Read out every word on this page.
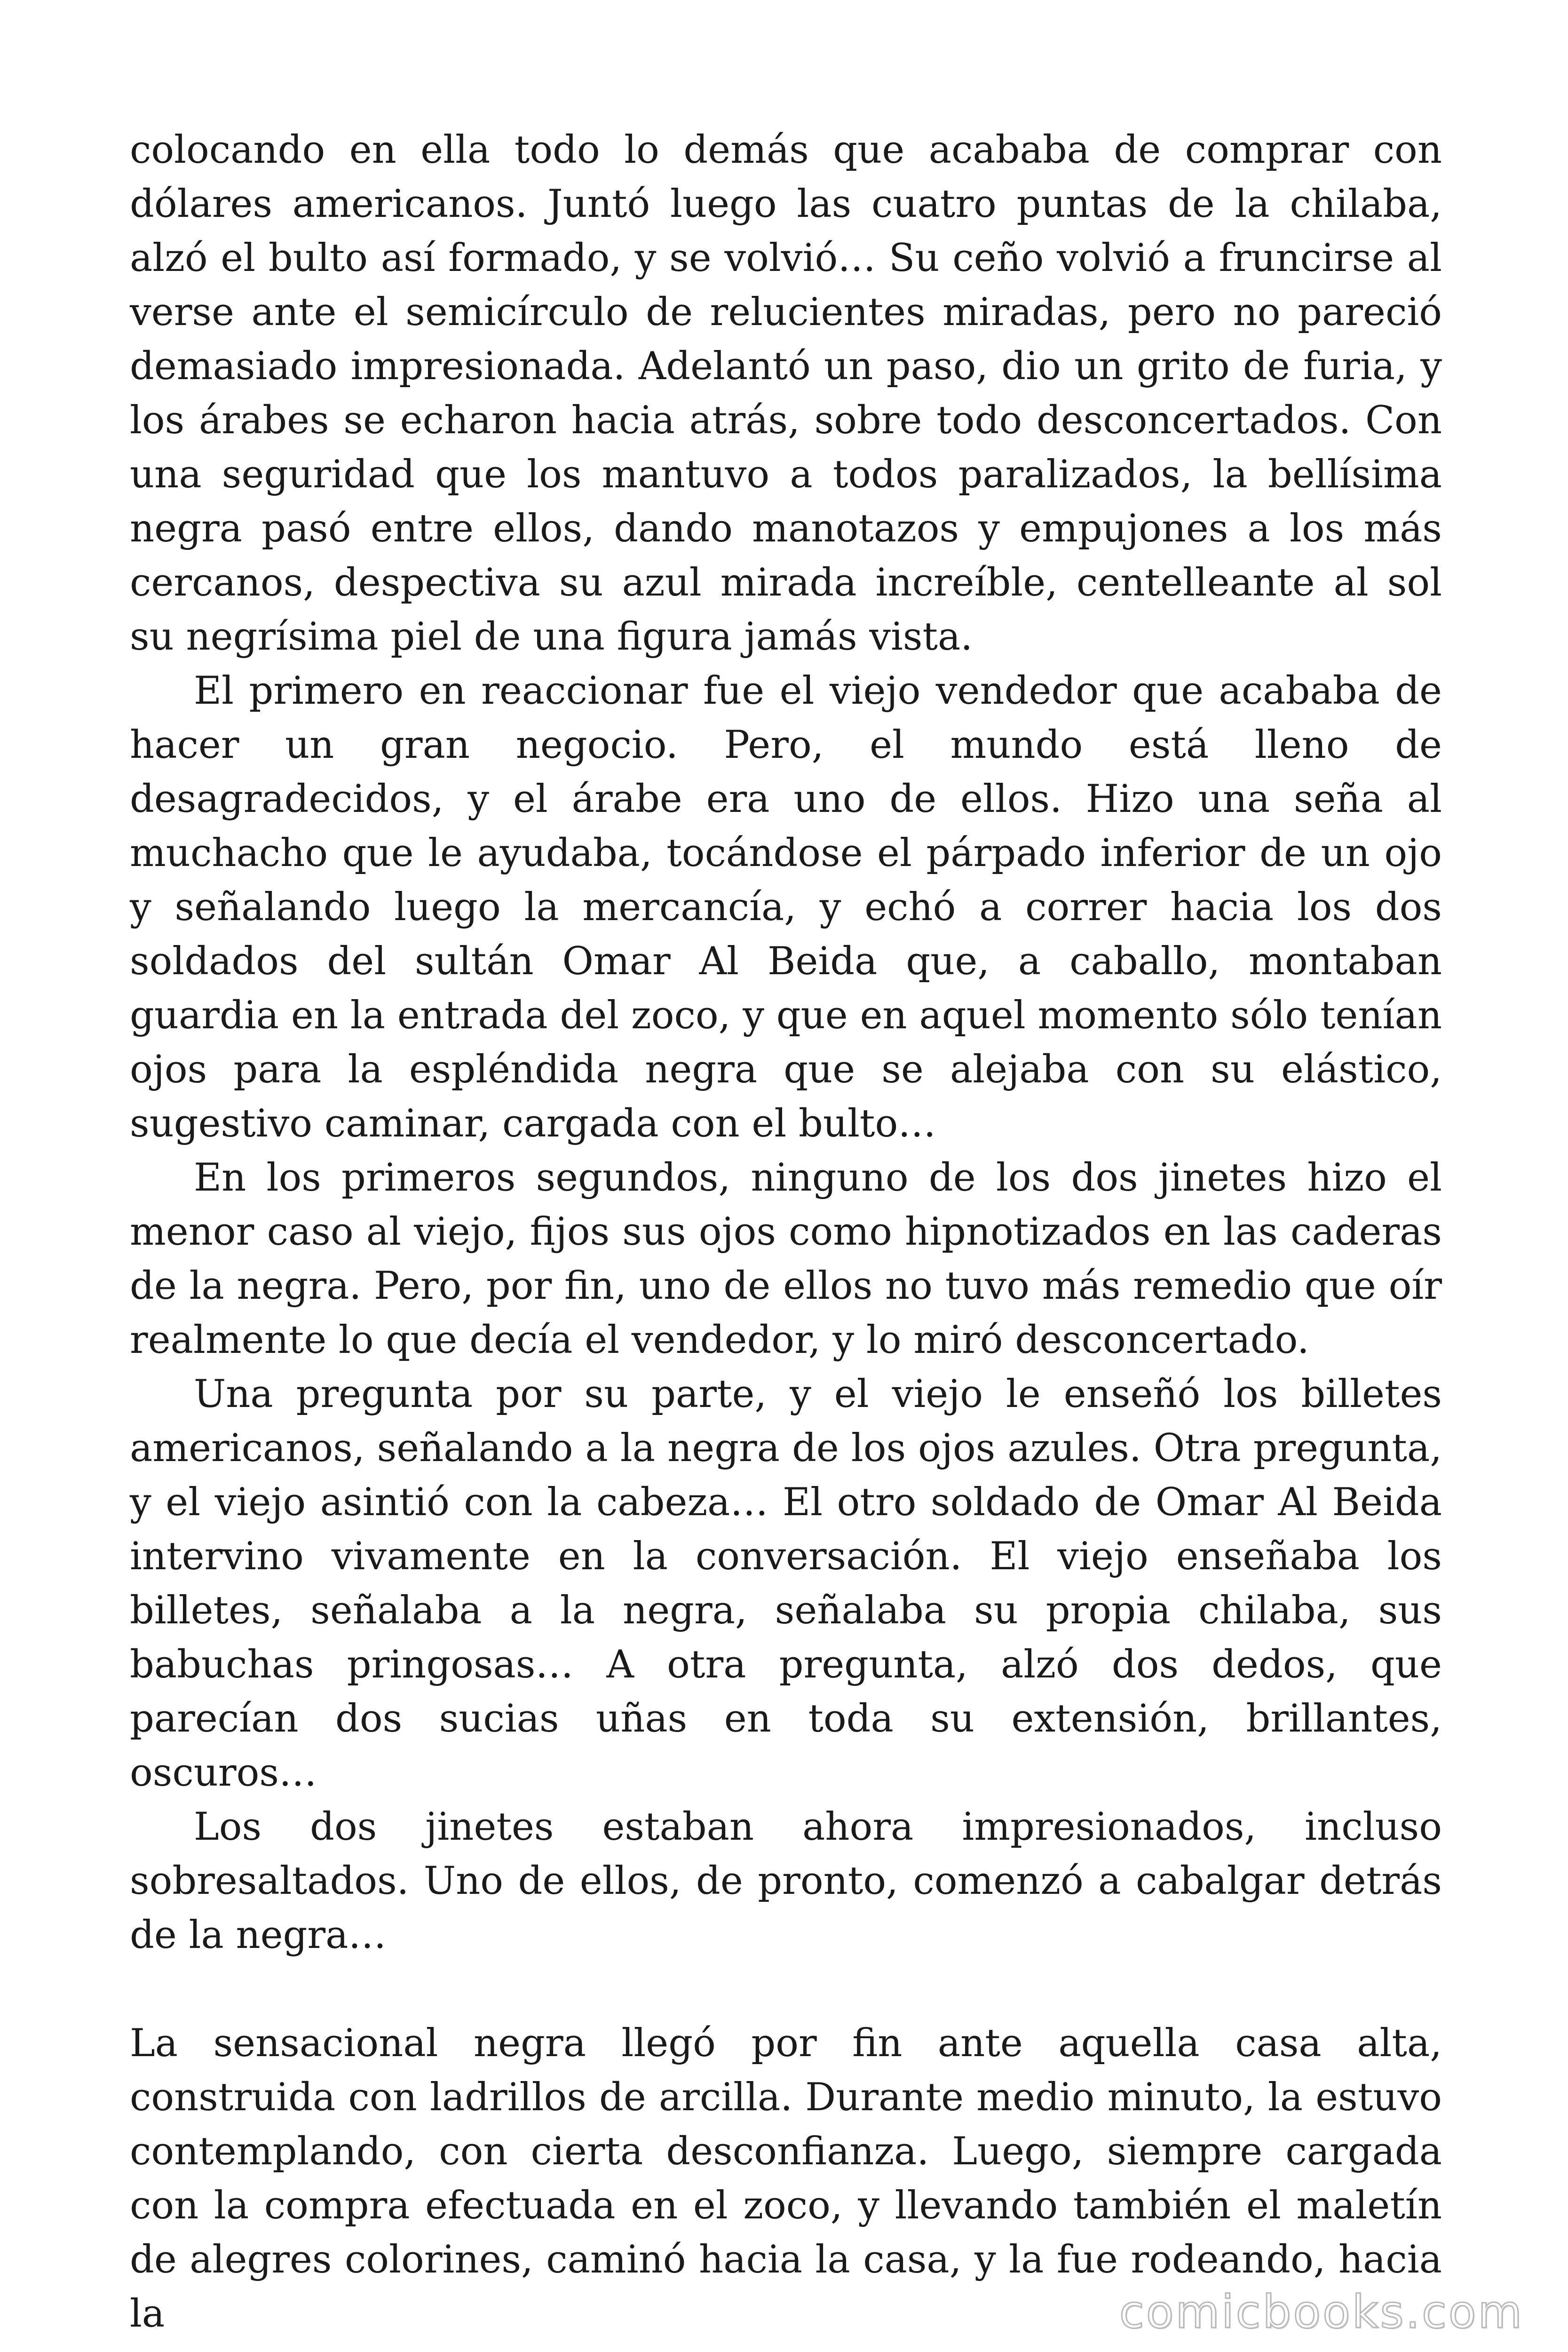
colocando en ella todo lo demás que acababa de comprar con dólares americanos. Juntó luego las cuatro puntas de la chilaba, alzó el bulto así formado, y se volvió… Su ceño volvió a fruncirse al verse ante el semicírculo de relucientes miradas, pero no pareció demasiado impresionada. Adelantó un paso, dio un grito de furia, y los árabes se echaron hacia atrás, sobre todo desconcertados. Con una seguridad que los mantuvo a todos paralizados, la bellísima negra pasó entre ellos, dando manotazos y empujones a los más cercanos, despectiva su azul mirada increíble, centelleante al sol su negrísima piel de una figura jamás vista.

El primero en reaccionar fue el viejo vendedor que acababa de hacer un gran negocio. Pero, el mundo está lleno de desagradecidos, y el árabe era uno de ellos. Hizo una seña al muchacho que le ayudaba, tocándose el párpado inferior de un ojo y señalando luego la mercancía, y echó a correr hacia los dos soldados del sultán Omar Al Beida que, a caballo, montaban guardia en la entrada del zoco, y que en aquel momento sólo tenían ojos para la espléndida negra que se alejaba con su elástico, sugestivo caminar, cargada con el bulto…

En los primeros segundos, ninguno de los dos jinetes hizo el menor caso al viejo, fijos sus ojos como hipnotizados en las caderas de la negra. Pero, por fin, uno de ellos no tuvo más remedio que oír realmente lo que decía el vendedor, y lo miró desconcertado.

Una pregunta por su parte, y el viejo le enseñó los billetes americanos, señalando a la negra de los ojos azules. Otra pregunta, y el viejo asintió con la cabeza… El otro soldado de Omar Al Beida intervino vivamente en la conversación. El viejo enseñaba los billetes, señalaba a la negra, señalaba su propia chilaba, sus babuchas pringosas… A otra pregunta, alzó dos dedos, que parecían dos sucias uñas en toda su extensión, brillantes, oscuros…

Los dos jinetes estaban ahora impresionados, incluso sobresaltados. Uno de ellos, de pronto, comenzó a cabalgar detrás de la negra…

La sensacional negra llegó por fin ante aquella casa alta, construida con ladrillos de arcilla. Durante medio minuto, la estuvo contemplando, con cierta desconfianza. Luego, siempre cargada con la compra efectuada en el zoco, y llevando también el maletín de alegres colorines, caminó hacia la casa, y la fue rodeando, hacia la	comicbooks.com
